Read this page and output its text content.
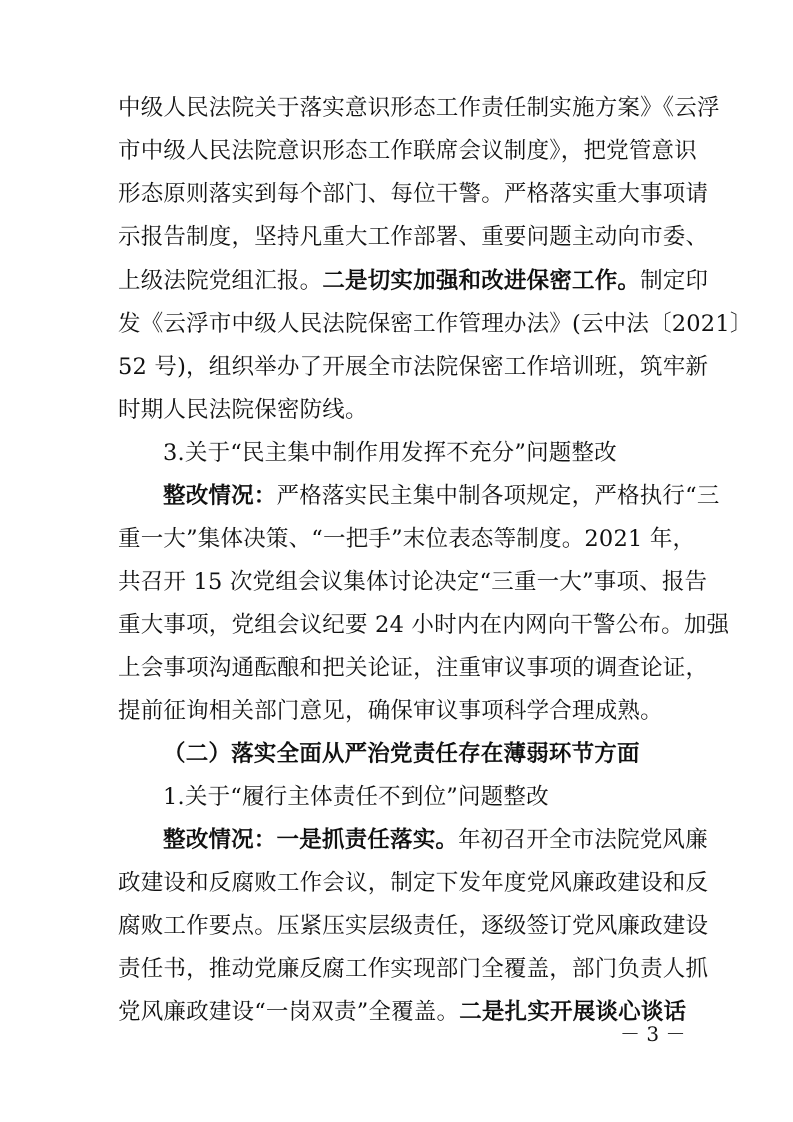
中级人民法院关于落实意识形态工作责任制实施方案》《云浮
市中级人民法院意识形态工作联席会议制度》，把党管意识
形态原则落实到每个部门、每位干警。严格落实重大事项请
示报告制度，坚持凡重大工作部署、重要问题主动向市委、
上级法院党组汇报。二是切实加强和改进保密工作。制定印
发《云浮市中级人民法院保密工作管理办法》(云中法〔2021〕
52 号)，组织举办了开展全市法院保密工作培训班，筑牢新
时期人民法院保密防线。
3.关于“民主集中制作用发挥不充分”问题整改
整改情况：严格落实民主集中制各项规定，严格执行“三
重一大”集体决策、“一把手”末位表态等制度。2021 年，
共召开 15 次党组会议集体讨论决定“三重一大”事项、报告
重大事项，党组会议纪要 24 小时内在内网向干警公布。加强
上会事项沟通酝酿和把关论证，注重审议事项的调查论证，
提前征询相关部门意见，确保审议事项科学合理成熟。
（二）落实全面从严治党责任存在薄弱环节方面
1.关于“履行主体责任不到位”问题整改
整改情况：一是抓责任落实。年初召开全市法院党风廉
政建设和反腐败工作会议，制定下发年度党风廉政建设和反
腐败工作要点。压紧压实层级责任，逐级签订党风廉政建设
责任书，推动党廉反腐工作实现部门全覆盖，部门负责人抓
党风廉政建设“一岗双责”全覆盖。二是扎实开展谈心谈话
－ 3 －
